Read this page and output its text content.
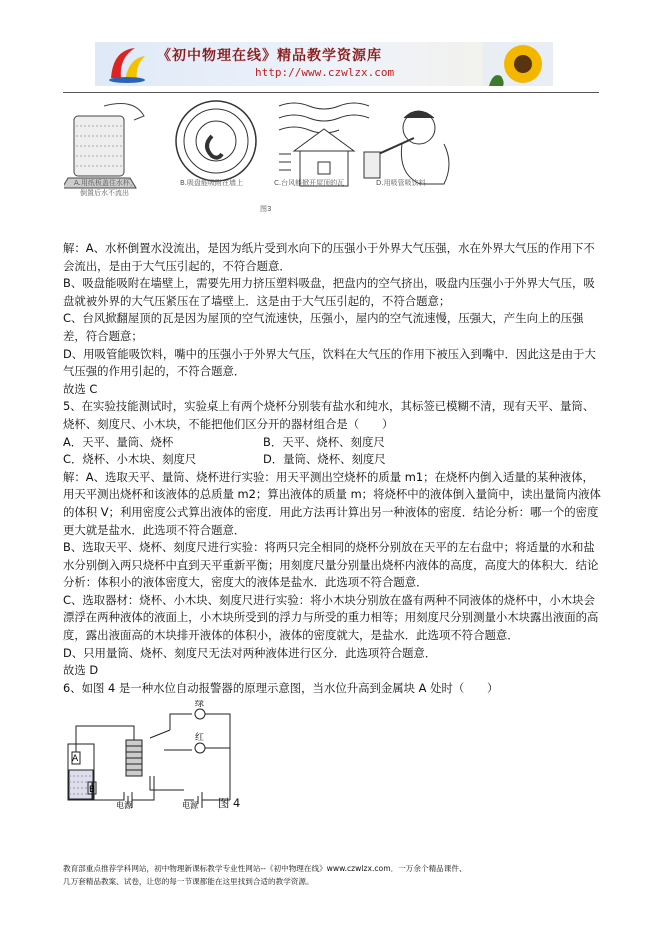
《初中物理在线》精品教学资源库
http://www.czwlzx.com
A.用纸板盖住水杯，
倒置后水不流出
B.吸盘能吸附在墙上	C.台风能掀开屋顶的瓦	D.用吸管吸饮料
图3

解：A、水杯倒置水没流出，是因为纸片受到水向下的压强小于外界大气压强，水在外界大气压的作用下不会流出，是由于大气压引起的，不符合题意．

B、吸盘能吸附在墙壁上，需要先用力挤压塑料吸盘，把盘内的空气挤出，吸盘内压强小于外界大气压，吸盘就被外界的大气压紧压在了墙壁上．这是由于大气压引起的，不符合题意；

C、台风掀翻屋顶的瓦是因为屋顶的空气流速快，压强小，屋内的空气流速慢，压强大，产生向上的压强差，符合题意；

D、用吸管能吸饮料，嘴中的压强小于外界大气压，饮料在大气压的作用下被压入到嘴中．因此这是由于大气压强的作用引起的，不符合题意．

故选 C

5、在实验技能测试时，实验桌上有两个烧杯分别装有盐水和纯水，其标签已模糊不清，现有天平、量筒、烧杯、刻度尺、小木块，不能把他们区分开的器材组合是（　　）

A．天平、量筒、烧杯	B．天平、烧杯、刻度尺
C．烧杯、小木块、刻度尺	D．量筒、烧杯、刻度尺

解：A、选取天平、量筒、烧杯进行实验：用天平测出空烧杯的质量 m1；在烧杯内倒入适量的某种液体，用天平测出烧杯和该液体的总质量 m2；算出液体的质量 m；将烧杯中的液体倒入量筒中，读出量筒内液体的体积 V；利用密度公式算出液体的密度．用此方法再计算出另一种液体的密度．结论分析：哪一个的密度更大就是盐水．此选项不符合题意．

B、选取天平、烧杯、刻度尺进行实验：将两只完全相同的烧杯分别放在天平的左右盘中；将适量的水和盐水分别倒入两只烧杯中直到天平重新平衡；用刻度尺量分别量出烧杯内液体的高度，高度大的体积大．结论分析：体积小的液体密度大，密度大的液体是盐水．此选项不符合题意．

C、选取器材：烧杯、小木块、刻度尺进行实验：将小木块分别放在盛有两种不同液体的烧杯中，小木块会漂浮在两种液体的液面上，小木块所受到的浮力与所受的重力相等；用刻度尺分别测量小木块露出液面的高度，露出液面高的木块排开液体的体积小，液体的密度就大，是盐水．此选项不符合题意．

D、只用量筒、烧杯、刻度尺无法对两种液体进行区分．此选项符合题意．

故选 D

6、如图 4 是一种水位自动报警器的原理示意图，当水位升高到金属块 A 处时（　　）

绿
红
A
B
电源	电源 图 4
教育部重点推荐学科网站，初中物理新课标教学专业性网站--《初中物理在线》www.czwlzx.com．一万余个精品课件、
几万套精品教案、试卷，让您的每一节课都能在这里找到合适的教学资源。
